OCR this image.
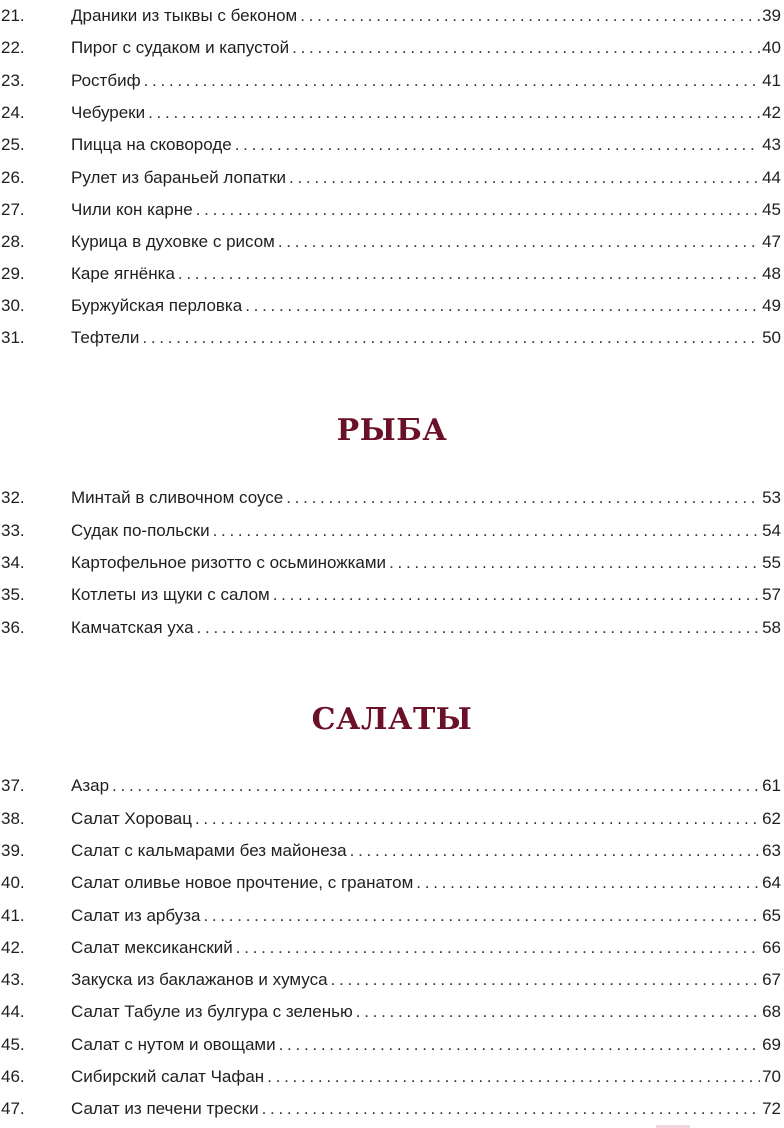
21.	Драники из тыквы с беконом . . .	39
22.	Пирог с судаком и капустой . . .	40
23.	Ростбиф . . .	41
24.	Чебуреки . . .	42
25.	Пицца на сковороде . . .	43
26.	Рулет из бараньей лопатки . . .	44
27.	Чили кон карне . . .	45
28.	Курица в духовке с рисом . . .	47
29.	Каре ягнёнка . . .	48
30.	Буржуйская перловка . . .	49
31.	Тефтели . . .	50
РЫБА
32.	Минтай в сливочном соусе . . .	53
33.	Судак по-польски . . .	54
34.	Картофельное ризотто с осьминожками . . .	55
35.	Котлеты из щуки с салом . . .	57
36.	Камчатская уха . . .	58
САЛАТЫ
37.	Азар . . .	61
38.	Салат Хоровац . . .	62
39.	Салат с кальмарами без майонеза . . .	63
40.	Салат оливье новое прочтение, с гранатом . . .	64
41.	Салат из арбуза . . .	65
42.	Салат мексиканский . . .	66
43.	Закуска из баклажанов и хумуса . . .	67
44.	Салат Табуле из булгура с зеленью . . .	68
45.	Салат с нутом и овощами . . .	69
46.	Сибирский салат Чафан . . .	70
47.	Салат из печени трески . . .	72
